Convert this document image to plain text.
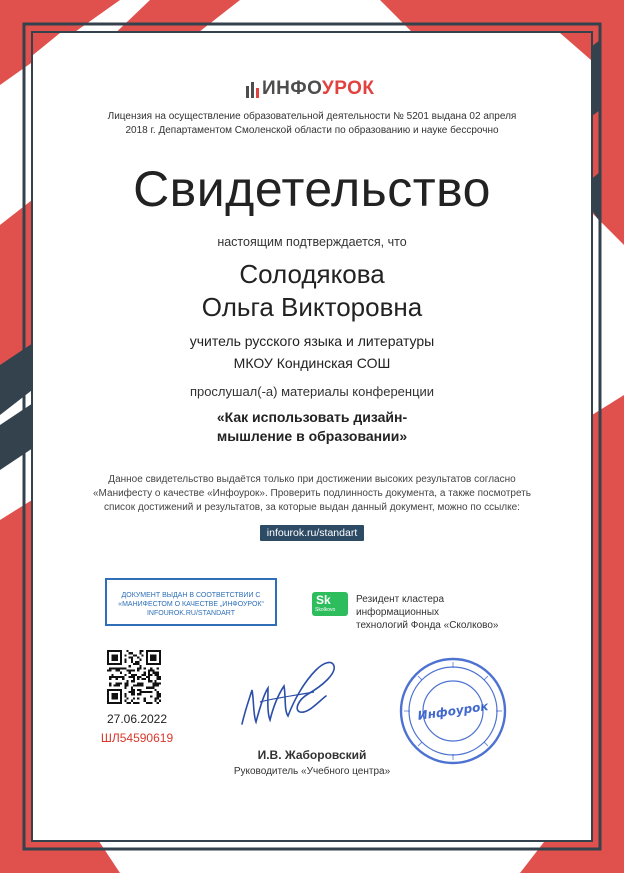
ИНФОУРОК
Лицензия на осуществление образовательной деятельности № 5201 выдана 02 апреля
2018 г. Департаментом Смоленской области по образованию и науке бессрочно
Свидетельство
настоящим подтверждается, что
Солодякова
Ольга Викторовна
учитель русского языка и литературы
МКОУ Кондинская СОШ
прослушал(-а) материалы конференции
«Как использовать дизайн-
мышление в образовании»
Данное свидетельство выдаётся только при достижении высоких результатов согласно
«Манифесту о качестве «Инфоурок». Проверить подлинность документа, а также посмотреть
список достижений и результатов, за которые выдан данный документ, можно по ссылке:
infourok.ru/standart
ДОКУМЕНТ ВЫДАН В СООТВЕТСТВИИ С
«МАНИФЕСТОМ О КАЧЕСТВЕ „ИНФОУРОК“
INFOUROK.RU/STANDART
Sk
Skolkovo
Резидент кластера информационных
технологий Фонда «Сколково»
27.06.2022
ШЛ54590619
И.В. Жаборовский
Руководитель «Учебного центра»
Инфоурок
